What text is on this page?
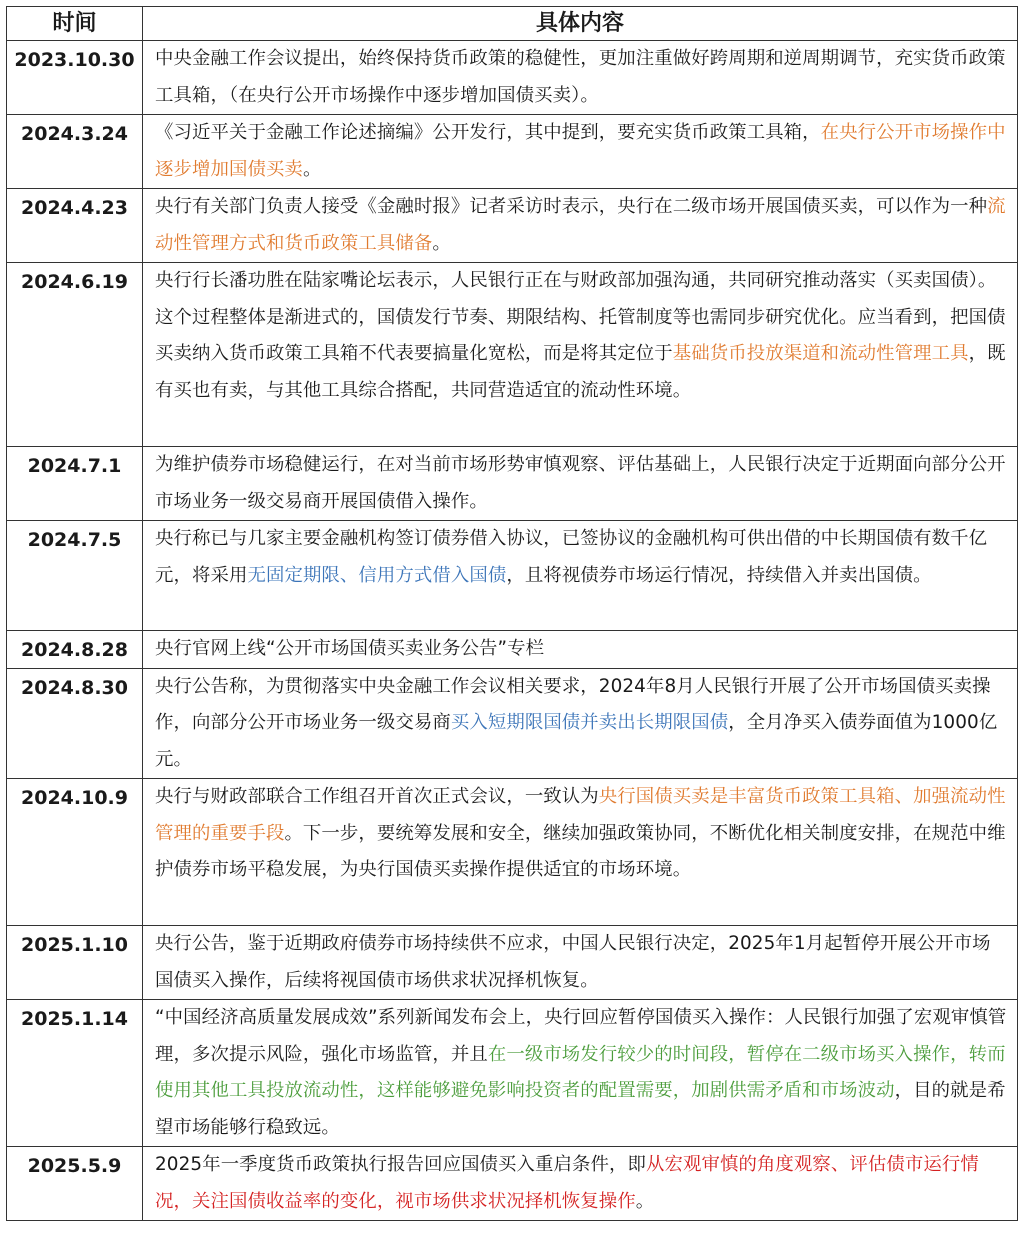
时间	具体内容
2023.10.30	中央金融工作会议提出，始终保持货币政策的稳健性，更加注重做好跨周期和逆周期调节，充实货币政策工具箱，（在央行公开市场操作中逐步增加国债买卖）。
2024.3.24	《习近平关于金融工作论述摘编》公开发行，其中提到，要充实货币政策工具箱，在央行公开市场操作中逐步增加国债买卖。
2024.4.23	央行有关部门负责人接受《金融时报》记者采访时表示，央行在二级市场开展国债买卖，可以作为一种流动性管理方式和货币政策工具储备。
2024.6.19	央行行长潘功胜在陆家嘴论坛表示，人民银行正在与财政部加强沟通，共同研究推动落实（买卖国债）。这个过程整体是渐进式的，国债发行节奏、期限结构、托管制度等也需同步研究优化。应当看到，把国债买卖纳入货币政策工具箱不代表要搞量化宽松，而是将其定位于基础货币投放渠道和流动性管理工具，既有买也有卖，与其他工具综合搭配，共同营造适宜的流动性环境。
2024.7.1	为维护债券市场稳健运行，在对当前市场形势审慎观察、评估基础上，人民银行决定于近期面向部分公开市场业务一级交易商开展国债借入操作。
2024.7.5	央行称已与几家主要金融机构签订债券借入协议，已签协议的金融机构可供出借的中长期国债有数千亿元，将采用无固定期限、信用方式借入国债，且将视债券市场运行情况，持续借入并卖出国债。
2024.8.28	央行官网上线“公开市场国债买卖业务公告”专栏
2024.8.30	央行公告称，为贯彻落实中央金融工作会议相关要求，2024年8月人民银行开展了公开市场国债买卖操作，向部分公开市场业务一级交易商买入短期限国债并卖出长期限国债，全月净买入债券面值为1000亿元。
2024.10.9	央行与财政部联合工作组召开首次正式会议，一致认为央行国债买卖是丰富货币政策工具箱、加强流动性管理的重要手段。下一步，要统筹发展和安全，继续加强政策协同，不断优化相关制度安排，在规范中维护债券市场平稳发展，为央行国债买卖操作提供适宜的市场环境。
2025.1.10	央行公告，鉴于近期政府债券市场持续供不应求，中国人民银行决定，2025年1月起暂停开展公开市场国债买入操作，后续将视国债市场供求状况择机恢复。
2025.1.14	“中国经济高质量发展成效”系列新闻发布会上，央行回应暂停国债买入操作：人民银行加强了宏观审慎管理，多次提示风险，强化市场监管，并且在一级市场发行较少的时间段，暂停在二级市场买入操作，转而使用其他工具投放流动性，这样能够避免影响投资者的配置需要，加剧供需矛盾和市场波动，目的就是希望市场能够行稳致远。
2025.5.9	2025年一季度货币政策执行报告回应国债买入重启条件，即从宏观审慎的角度观察、评估债市运行情况，关注国债收益率的变化，视市场供求状况择机恢复操作。
